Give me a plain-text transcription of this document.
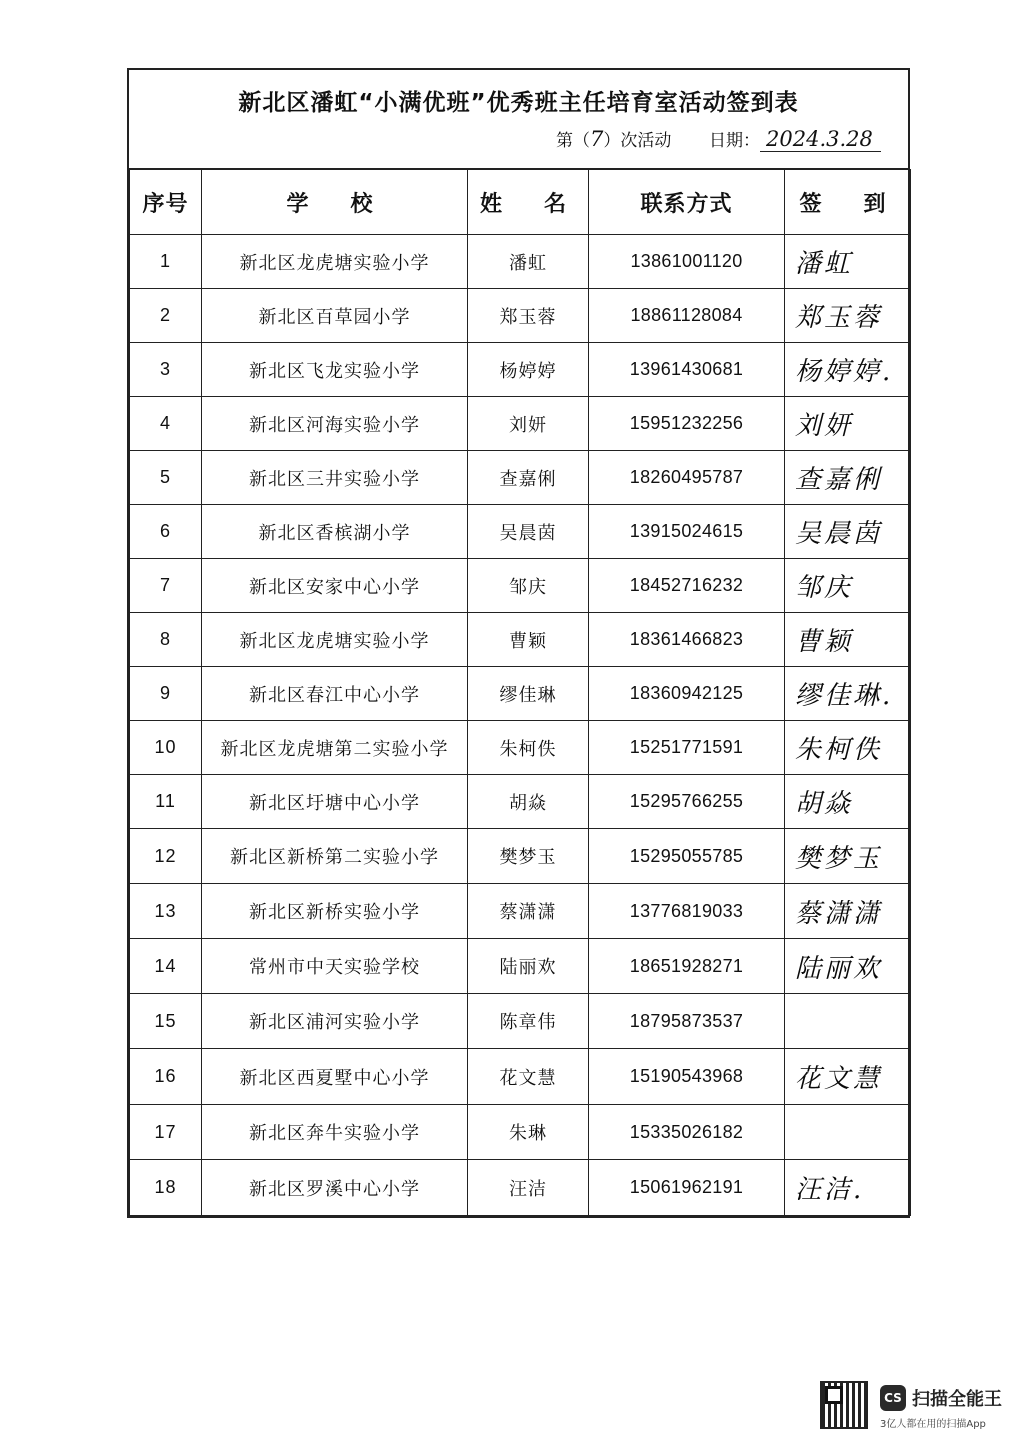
新北区潘虹“小满优班”优秀班主任培育室活动签到表
第（7）次活动 日期： 2024.3.28
序号	学　校	姓　名	联系方式	签　到
1	新北区龙虎塘实验小学	潘虹	13861001120	潘虹
2	新北区百草园小学	郑玉蓉	18861128084	郑玉蓉
3	新北区飞龙实验小学	杨婷婷	13961430681	杨婷婷.
4	新北区河海实验小学	刘妍	15951232256	刘妍
5	新北区三井实验小学	查嘉俐	18260495787	查嘉俐
6	新北区香槟湖小学	吴晨茵	13915024615	吴晨茵
7	新北区安家中心小学	邹庆	18452716232	邹庆
8	新北区龙虎塘实验小学	曹颖	18361466823	曹颖
9	新北区春江中心小学	缪佳琳	18360942125	缪佳琳.
10	新北区龙虎塘第二实验小学	朱柯佚	15251771591	朱柯佚
11	新北区圩塘中心小学	胡焱	15295766255	胡焱
12	新北区新桥第二实验小学	樊梦玉	15295055785	樊梦玉
13	新北区新桥实验小学	蔡潇潇	13776819033	蔡潇潇
14	常州市中天实验学校	陆丽欢	18651928271	陆丽欢
15	新北区浦河实验小学	陈章伟	18795873537	
16	新北区西夏墅中心小学	花文慧	15190543968	花文慧
17	新北区奔牛实验小学	朱琳	15335026182	
18	新北区罗溪中心小学	汪洁	15061962191	汪洁.
CS 扫描全能王
3亿人都在用的扫描App
